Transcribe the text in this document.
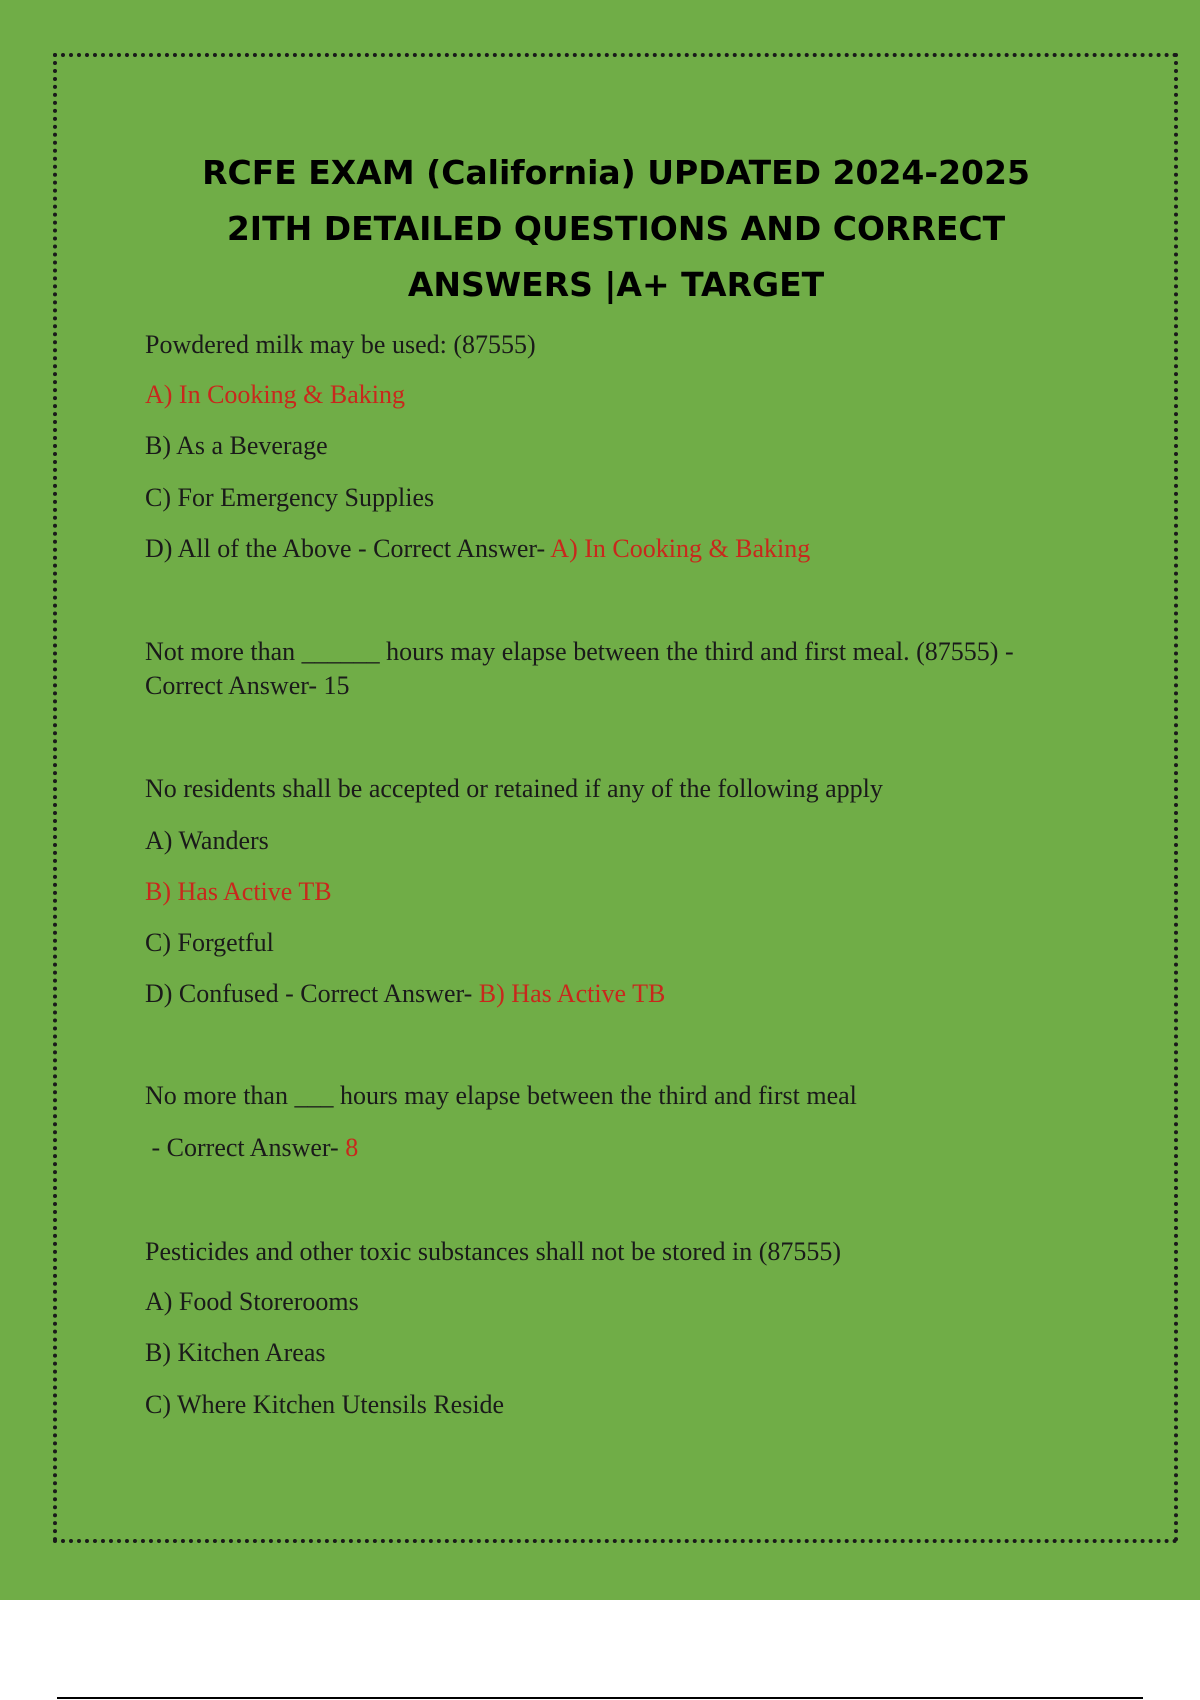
RCFE EXAM (California) UPDATED 2024-2025
2ITH DETAILED QUESTIONS AND CORRECT
ANSWERS |A+ TARGET
Powdered milk may be used: (87555)
A) In Cooking & Baking
B) As a Beverage
C) For Emergency Supplies
D) All of the Above - Correct Answer- A) In Cooking & Baking
Not more than ______ hours may elapse between the third and first meal. (87555) -
Correct Answer- 15
No residents shall be accepted or retained if any of the following apply
A) Wanders
B) Has Active TB
C) Forgetful
D) Confused - Correct Answer- B) Has Active TB
No more than ___ hours may elapse between the third and first meal
- Correct Answer- 8
Pesticides and other toxic substances shall not be stored in (87555)
A) Food Storerooms
B) Kitchen Areas
C) Where Kitchen Utensils Reside
